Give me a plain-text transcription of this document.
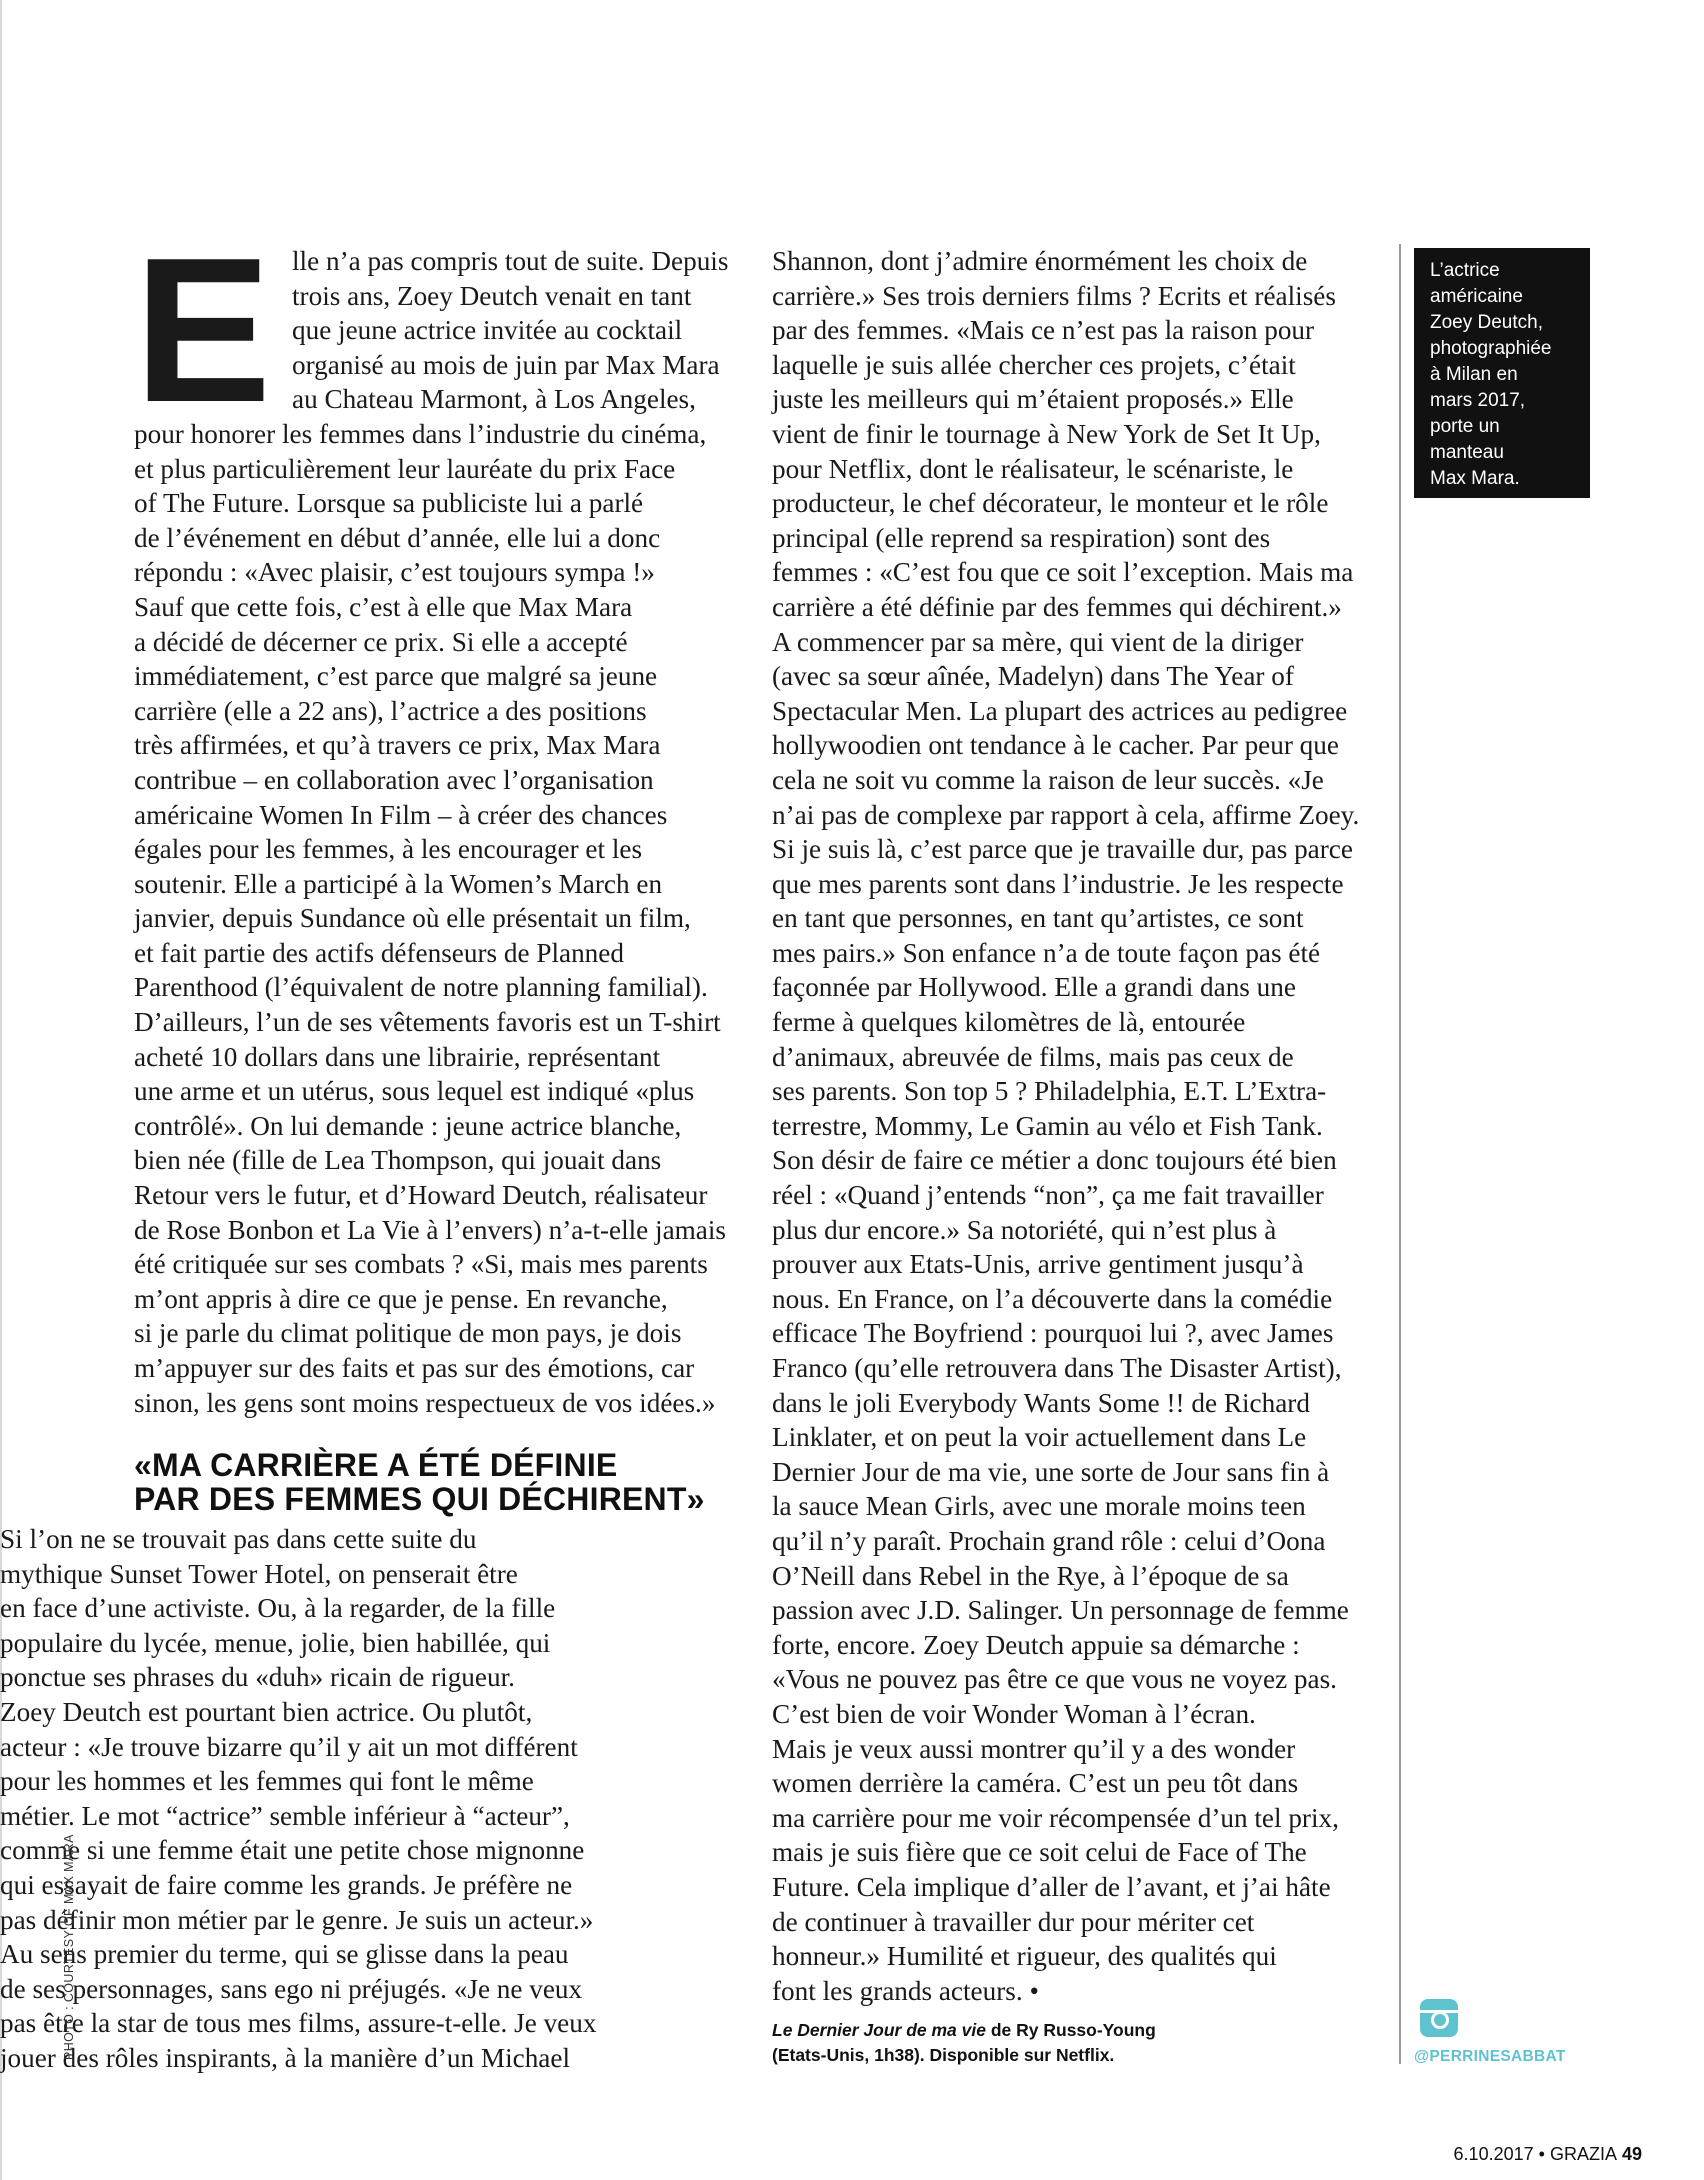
E lle n’a pas compris tout de suite. Depuis
trois ans, Zoey Deutch venait en tant
que jeune actrice invitée au cocktail
organisé au mois de juin par Max Mara
au Chateau Marmont, à Los Angeles,
pour honorer les femmes dans l’industrie du cinéma,
et plus particulièrement leur lauréate du prix Face
of The Future. Lorsque sa publiciste lui a parlé
de l’événement en début d’année, elle lui a donc
répondu : «Avec plaisir, c’est toujours sympa !»
Sauf que cette fois, c’est à elle que Max Mara
a décidé de décerner ce prix. Si elle a accepté
immédiatement, c’est parce que malgré sa jeune
carrière (elle a 22 ans), l’actrice a des positions
très affirmées, et qu’à travers ce prix, Max Mara
contribue – en collaboration avec l’organisation
américaine Women In Film – à créer des chances
égales pour les femmes, à les encourager et les
soutenir. Elle a participé à la Women’s March en
janvier, depuis Sundance où elle présentait un film,
et fait partie des actifs défenseurs de Planned
Parenthood (l’équivalent de notre planning familial).
D’ailleurs, l’un de ses vêtements favoris est un T-shirt
acheté 10 dollars dans une librairie, représentant
une arme et un utérus, sous lequel est indiqué «plus
contrôlé». On lui demande : jeune actrice blanche,
bien née (fille de Lea Thompson, qui jouait dans
Retour vers le futur, et d’Howard Deutch, réalisateur
de Rose Bonbon et La Vie à l’envers) n’a-t-elle jamais
été critiquée sur ses combats ? «Si, mais mes parents
m’ont appris à dire ce que je pense. En revanche,
si je parle du climat politique de mon pays, je dois
m’appuyer sur des faits et pas sur des émotions, car
sinon, les gens sont moins respectueux de vos idées.»

«MA CARRIÈRE A ÉTÉ DÉFINIE
PAR DES FEMMES QUI DÉCHIRENT»
Si l’on ne se trouvait pas dans cette suite du
mythique Sunset Tower Hotel, on penserait être
en face d’une activiste. Ou, à la regarder, de la fille
populaire du lycée, menue, jolie, bien habillée, qui
ponctue ses phrases du «duh» ricain de rigueur.
Zoey Deutch est pourtant bien actrice. Ou plutôt,
acteur : «Je trouve bizarre qu’il y ait un mot différent
pour les hommes et les femmes qui font le même
métier. Le mot “actrice” semble inférieur à “acteur”,
comme si une femme était une petite chose mignonne
qui essayait de faire comme les grands. Je préfère ne
pas définir mon métier par le genre. Je suis un acteur.»
Au sens premier du terme, qui se glisse dans la peau
de ses personnages, sans ego ni préjugés. «Je ne veux
pas être la star de tous mes films, assure-t-elle. Je veux
jouer des rôles inspirants, à la manière d’un Michael
Shannon, dont j’admire énormément les choix de
carrière.» Ses trois derniers films ? Ecrits et réalisés
par des femmes. «Mais ce n’est pas la raison pour
laquelle je suis allée chercher ces projets, c’était
juste les meilleurs qui m’étaient proposés.» Elle
vient de finir le tournage à New York de Set It Up,
pour Netflix, dont le réalisateur, le scénariste, le
producteur, le chef décorateur, le monteur et le rôle
principal (elle reprend sa respiration) sont des
femmes : «C’est fou que ce soit l’exception. Mais ma
carrière a été définie par des femmes qui déchirent.»
A commencer par sa mère, qui vient de la diriger
(avec sa sœur aînée, Madelyn) dans The Year of
Spectacular Men. La plupart des actrices au pedigree
hollywoodien ont tendance à le cacher. Par peur que
cela ne soit vu comme la raison de leur succès. «Je
n’ai pas de complexe par rapport à cela, affirme Zoey.
Si je suis là, c’est parce que je travaille dur, pas parce
que mes parents sont dans l’industrie. Je les respecte
en tant que personnes, en tant qu’artistes, ce sont
mes pairs.» Son enfance n’a de toute façon pas été
façonnée par Hollywood. Elle a grandi dans une
ferme à quelques kilomètres de là, entourée
d’animaux, abreuvée de films, mais pas ceux de
ses parents. Son top 5 ? Philadelphia, E.T. L’Extra-
terrestre, Mommy, Le Gamin au vélo et Fish Tank.
Son désir de faire ce métier a donc toujours été bien
réel : «Quand j’entends “non”, ça me fait travailler
plus dur encore.» Sa notoriété, qui n’est plus à
prouver aux Etats-Unis, arrive gentiment jusqu’à
nous. En France, on l’a découverte dans la comédie
efficace The Boyfriend : pourquoi lui ?, avec James
Franco (qu’elle retrouvera dans The Disaster Artist),
dans le joli Everybody Wants Some !! de Richard
Linklater, et on peut la voir actuellement dans Le
Dernier Jour de ma vie, une sorte de Jour sans fin à
la sauce Mean Girls, avec une morale moins teen
qu’il n’y paraît. Prochain grand rôle : celui d’Oona
O’Neill dans Rebel in the Rye, à l’époque de sa
passion avec J.D. Salinger. Un personnage de femme
forte, encore. Zoey Deutch appuie sa démarche :
«Vous ne pouvez pas être ce que vous ne voyez pas.
C’est bien de voir Wonder Woman à l’écran.
Mais je veux aussi montrer qu’il y a des wonder
women derrière la caméra. C’est un peu tôt dans
ma carrière pour me voir récompensée d’un tel prix,
mais je suis fière que ce soit celui de Face of The
Future. Cela implique d’aller de l’avant, et j’ai hâte
de continuer à travailler dur pour mériter cet
honneur.» Humilité et rigueur, des qualités qui
font les grands acteurs. •
Le Dernier Jour de ma vie de Ry Russo-Young
(Etats-Unis, 1h38). Disponible sur Netflix.
L’actrice
américaine
Zoey Deutch,
photographiée
à Milan en
mars 2017,
porte un
manteau
Max Mara.
PHOTO : COURTESY OF MAX MARA	@PERRINESABBAT
6.10.2017 • GRAZIA 49
